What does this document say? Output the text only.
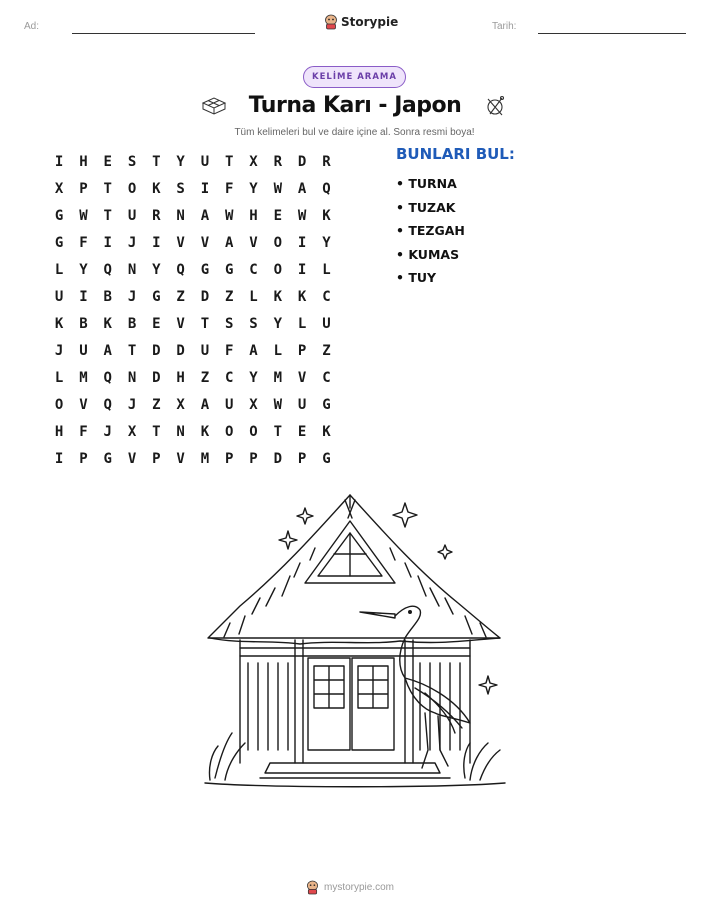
Ad:	Storypie	Tarih:
KELİME ARAMA
Turna Karı - Japon
Tüm kelimeleri bul ve daire içine al. Sonra resmi boya!
I	H	E	S	T	Y	U	T	X	R	D	R
X	P	T	O	K	S	I	F	Y	W	A	Q
G	W	T	U	R	N	A	W	H	E	W	K
G	F	I	J	I	V	V	A	V	O	I	Y
L	Y	Q	N	Y	Q	G	G	C	O	I	L
U	I	B	J	G	Z	D	Z	L	K	K	C
K	B	K	B	E	V	T	S	S	Y	L	U
J	U	A	T	D	D	U	F	A	L	P	Z
L	M	Q	N	D	H	Z	C	Y	M	V	C
O	V	Q	J	Z	X	A	U	X	W	U	G
H	F	J	X	T	N	K	O	O	T	E	K
I	P	G	V	P	V	M	P	P	D	P	G
BUNLARI BUL:
• TURNA
• TUZAK
• TEZGAH
• KUMAS
• TUY
mystorypie.com
